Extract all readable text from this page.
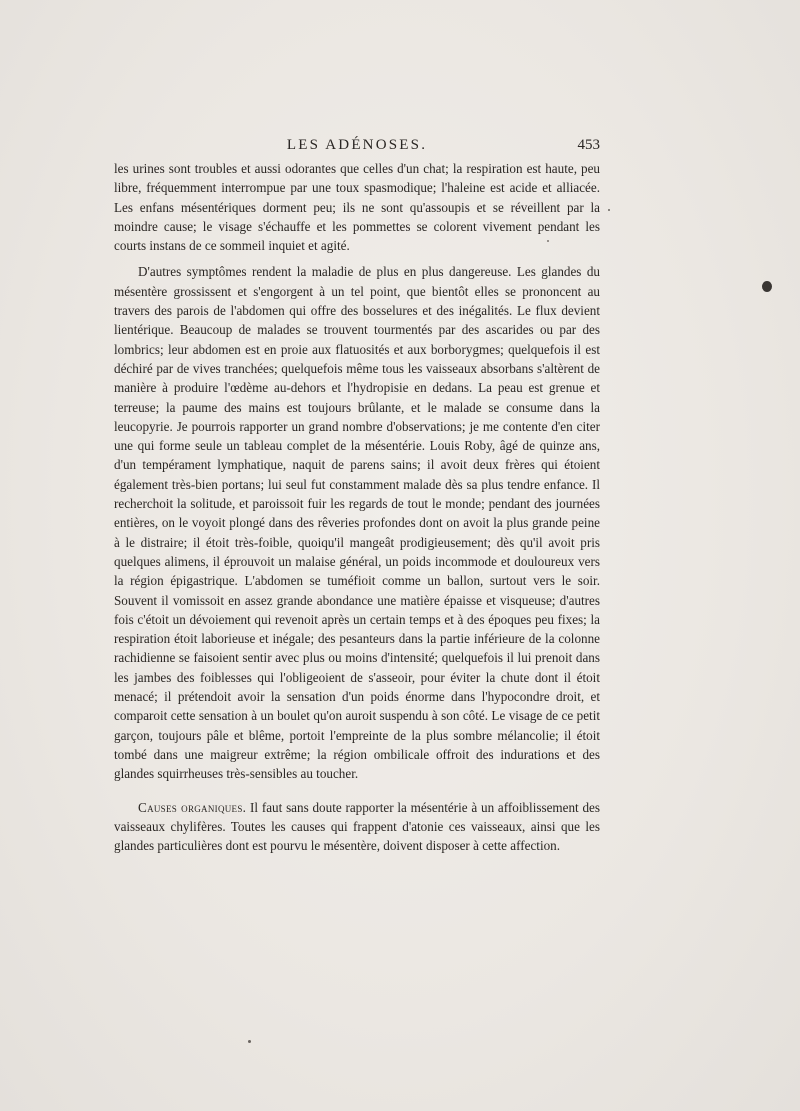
LES ADÉNOSES.	453

les urines sont troubles et aussi odorantes que celles d'un chat; la respiration est haute, peu libre, fréquemment interrompue par une toux spasmodique; l'haleine est acide et alliacée. Les enfans mésentériques dorment peu; ils ne sont qu'assoupis et se réveillent par la moindre cause; le visage s'échauffe et les pommettes se colorent vivement pendant les courts instans de ce sommeil inquiet et agité.

D'autres symptômes rendent la maladie de plus en plus dangereuse. Les glandes du mésentère grossissent et s'engorgent à un tel point, que bientôt elles se prononcent au travers des parois de l'abdomen qui offre des bosselures et des inégalités. Le flux devient lientérique. Beaucoup de malades se trouvent tourmentés par des ascarides ou par des lombrics; leur abdomen est en proie aux flatuosités et aux borborygmes; quelquefois il est déchiré par de vives tranchées; quelquefois même tous les vaisseaux absorbans s'altèrent de manière à produire l'œdème au-dehors et l'hydropisie en dedans. La peau est grenue et terreuse; la paume des mains est toujours brûlante, et le malade se consume dans la leucopyrie. Je pourrois rapporter un grand nombre d'observations; je me contente d'en citer une qui forme seule un tableau complet de la mésentérie. Louis Roby, âgé de quinze ans, d'un tempérament lymphatique, naquit de parens sains; il avoit deux frères qui étoient également très-bien portans; lui seul fut constamment malade dès sa plus tendre enfance. Il recherchoit la solitude, et paroissoit fuir les regards de tout le monde; pendant des journées entières, on le voyoit plongé dans des rêveries profondes dont on avoit la plus grande peine à le distraire; il étoit très-foible, quoiqu'il mangeât prodigieusement; dès qu'il avoit pris quelques alimens, il éprouvoit un malaise général, un poids incommode et douloureux vers la région épigastrique. L'abdomen se tuméfioit comme un ballon, surtout vers le soir. Souvent il vomissoit en assez grande abondance une matière épaisse et visqueuse; d'autres fois c'étoit un dévoiement qui revenoit après un certain temps et à des époques peu fixes; la respiration étoit laborieuse et inégale; des pesanteurs dans la partie inférieure de la colonne rachidienne se faisoient sentir avec plus ou moins d'intensité; quelquefois il lui prenoit dans les jambes des foiblesses qui l'obligeoient de s'asseoir, pour éviter la chute dont il étoit menacé; il prétendoit avoir la sensation d'un poids énorme dans l'hypocondre droit, et comparoit cette sensation à un boulet qu'on auroit suspendu à son côté. Le visage de ce petit garçon, toujours pâle et blême, portoit l'empreinte de la plus sombre mélancolie; il étoit tombé dans une maigreur extrême; la région ombilicale offroit des indurations et des glandes squirrheuses très-sensibles au toucher.

Causes organiques. Il faut sans doute rapporter la mésentérie à un affoiblissement des vaisseaux chylifères. Toutes les causes qui frappent d'atonie ces vaisseaux, ainsi que les glandes particulières dont est pourvu le mésentère, doivent disposer à cette affection.
